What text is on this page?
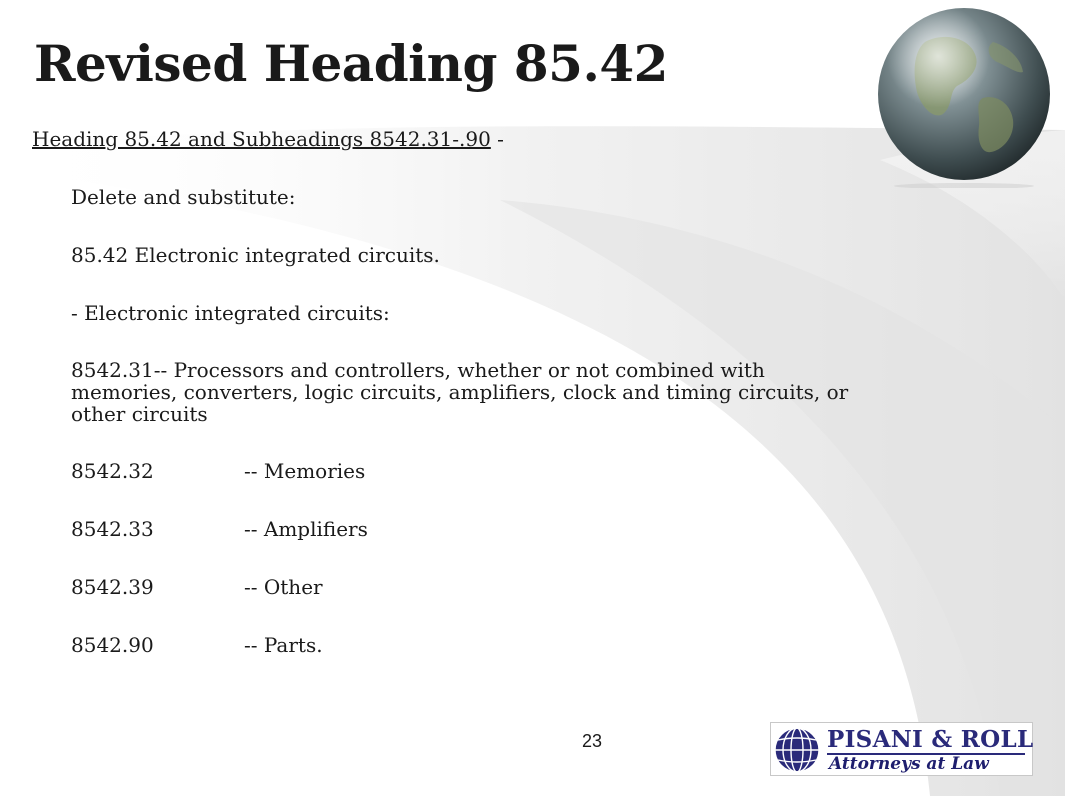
Revised Heading 85.42

Heading 85.42 and Subheadings 8542.31-.90 -

Delete and substitute:

85.42 Electronic integrated circuits.

- Electronic integrated circuits:

8542.31-- Processors and controllers, whether or not combined with memories, converters, logic circuits, amplifiers, clock and timing circuits, or other circuits

8542.32	-- Memories
8542.33	-- Amplifiers
8542.39	-- Other
8542.90	-- Parts.
23	PISANI & ROLL
Attorneys at Law
